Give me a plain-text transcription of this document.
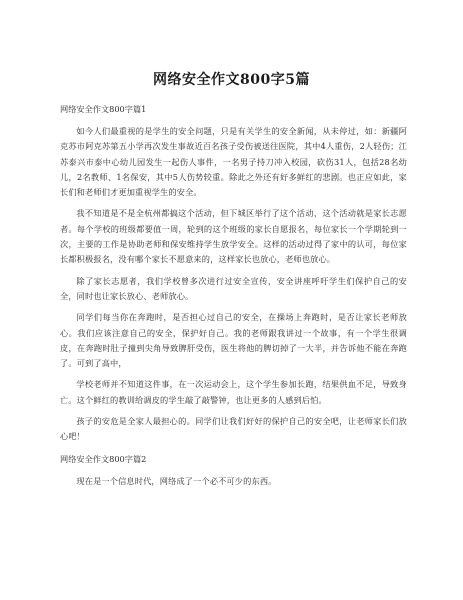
网络安全作文800字5篇
网络安全作文800字篇1

如今人们最重视的是学生的安全问题，只是有关学生的安全新闻，从未停过，如：新疆阿克苏市阿克苏第五小学再次发生事故近百名孩子受伤被送往医院，其中4人重伤，2人轻伤；江苏泰兴市泰中心幼儿园发生一起伤人事件，一名男子持刀冲入校园，砍伤31人，包括28名幼儿，2名教师、1名保安，其中5人伤势较重。除此之外还有好多鲜红的悲剧。也正应如此，家长们和老师们才更加重视学生的安全。

我不知道是不是全杭州都搞这个活动，但下城区举行了这个活动，这个活动就是家长志愿者。每个学校的班级都要值一周，轮到的这个班级的家长自愿报名，每位家长一个学期轮到一次，主要的工作是协助老师和保安维持学生放学安全。这样的活动过得了家中的认可，每位家长都积极报名，没有哪个家长不愿意来的，这样家长也放心，老师也放心。

除了家长志愿者，我们学校曾多次进行过安全宣传，安全讲座呼吁学生们保护自己的安全，同时也让家长放心、老师放心。

同学们每当你在奔跑时，是否担心过自己的安全，在操场上奔跑时，是否让家长老师放心。我们应该注意自己的安全，保护好自己。我的老师跟我讲过一个故事，有一个学生很调皮，在奔跑时肚子撞到尖角导致脾肝受伤，医生将他的脾切掉了一大半，并告诉他不能在奔跑了。可到了高中，

学校老师并不知道这件事，在一次运动会上，这个学生参加长跑，结果供血不足，导致身亡。这个鲜红的教训给调皮的学生敲了敲警钟，也让更多的人感到后怕。

孩子的安危是全家人最担心的。同学们让我们好好的保护自己的安全吧，让老师家长们放心吧！

网络安全作文800字篇2

现在是一个信息时代，网络成了一个必不可少的东西。
